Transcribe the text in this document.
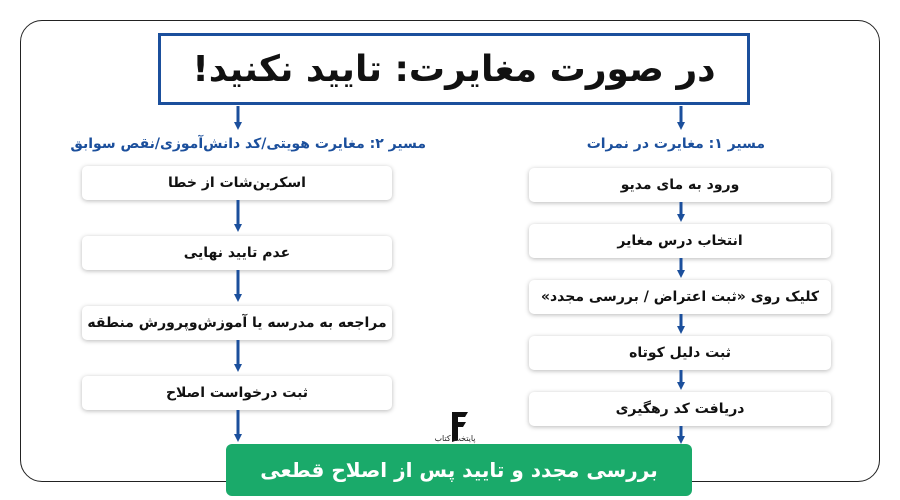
در صورت مغایرت: تایید نکنید!
مسیر ۱: مغایرت در نمرات
ورود به مای مدیو
انتخاب درس مغایر
کلیک روی «ثبت اعتراض / بررسی مجدد»
ثبت دلیل کوتاه
دریافت کد رهگیری
مسیر ۲: مغایرت هویتی/کد دانش‌آموزی/نقص سوابق
اسکرین‌شات از خطا
عدم تایید نهایی
مراجعه به مدرسه یا آموزش‌وپرورش منطقه
ثبت درخواست اصلاح
پایتخت کتاب
بررسی مجدد و تایید پس از اصلاح قطعی
